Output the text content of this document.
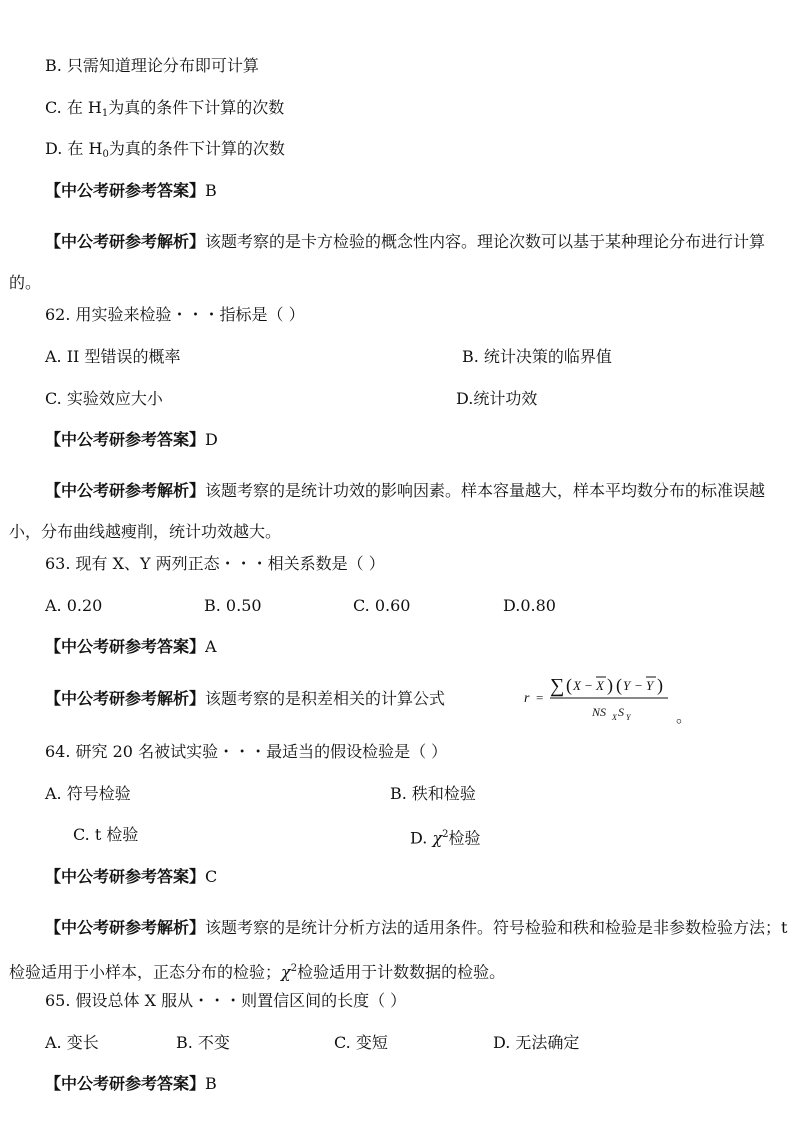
B. 只需知道理论分布即可计算
C. 在 $H_1$为真的条件下计算的次数
D. 在 $H_0$为真的条件下计算的次数
【中公考研参考答案】B
【中公考研参考解析】该题考察的是卡方检验的概念性内容。理论次数可以基于某种理论分布进行计算的。
62. 用实验来检验・・・指标是（ ）
A. II 型错误的概率	B. 统计决策的临界值
C. 实验效应大小	D.统计功效
【中公考研参考答案】D
【中公考研参考解析】该题考察的是统计功效的影响因素。样本容量越大，样本平均数分布的标准误越小，分布曲线越瘦削，统计功效越大。
63. 现有 X、Y 两列正态・・・相关系数是（ ）
A. 0.20	B. 0.50	C. 0.60	D.0.80
【中公考研参考答案】A
【中公考研参考解析】该题考察的是积差相关的计算公式	r =
∑ ( X − X ) ( Y − Y )
NS X S Y	。
64. 研究 20 名被试实验・・・最适当的假设检验是（ ）
A. 符号检验	B. 秩和检验
C. t 检验	D. $\chi^2$检验
【中公考研参考答案】C
【中公考研参考解析】该题考察的是统计分析方法的适用条件。符号检验和秩和检验是非参数检验方法；t 检验适用于小样本，正态分布的检验；$\chi^2$检验适用于计数数据的检验。
65. 假设总体 X 服从・・・则置信区间的长度（ ）
A. 变长	B. 不变	C. 变短	D. 无法确定
【中公考研参考答案】B
